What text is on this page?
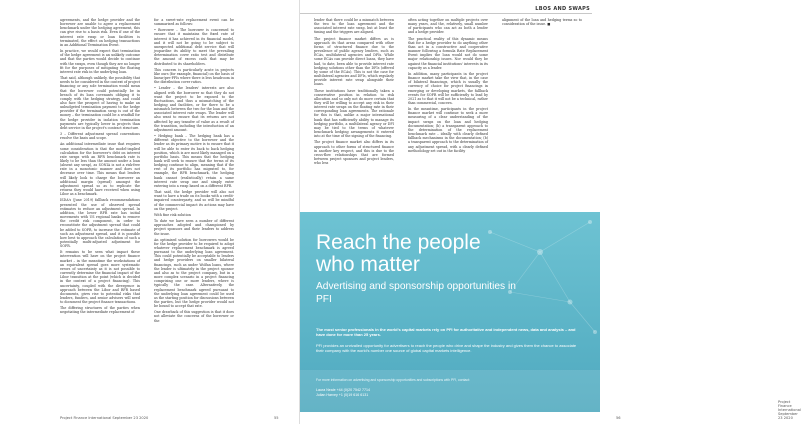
agreements, and the hedge provider and the borrower are unable to agree a replacement benchmark under the hedging agreement, this can give rise to a basis risk. Even if one of the interest rate swap or loan facilities is terminated, the effect on hedging transactions in an Additional Termination Event.

In practice, we would expect that termination of the hedge agreement is an unlikely outcome and that the parties would decide to continue with the swaps, even though they are no longer fit for the purposes of mitigating the floating interest rate risk in the underlying loan.

That said, although unlikely, the possibility that needs to be considered in the context of project financing or any sole termination would mean that the borrower could potentially be in breach of its loan covenants obliging it to comply with the hedging strategy, and could also face the prospect of having to make an unbudgeted termination payment to the hedge provider if the termination swap is out of the money – the termination could be a windfall for the hedge provider in isolation termination payments are typically lower in projects than debt service in the project's contract structure.

3 – Different adjustment spread conventions resolve the basis and scope.

An additional intermediate issue that requires some consideration is that the model-implied calculation for the borrower's debt on interest rate swaps with an RFR benchmark rate is likely to be less than the amount under a loan (absent any swap), as SONIA is not a risk-free rate in a monotonic manner and does not decrease over time. This means that lenders will likely look to charge the borrower an additional margin (spread) amongst the adjustment spread so as to replicate the returns they would have received when using Libor as a benchmark.

ISDA's (June 2019) fallback recommendations presented the use of observed spread estimates to reduce an adjustment spread. In addition, the lower RFR rate has initial movements with US regional banks to remove the credit risk component, in order to reconstitute the adjustment spread that could be added to SOFR, to increase the estimate of such an adjustment spread, and it is possible how best to approach the calculation of such a potentially multi-adjusted adjustment for SOFR.

It remains to be seen what impact these intervention will have on the project finance market – in the meantime the workstations of an equivalent spread goes more systematic errors of uncertainty as it is not possible to currently determine the financial impact of the Libor transition at the point (which is decided in the context of a project financing). This uncertainty, coupled with the divergence in approach between the Libor and RFR based documents, gives rise to potential risks that lenders, funders, and senior advisers will need to document the project finance transactions.

The differing structures of the parties when negotiating the intermediate replacement of

for a sweet-rate replacement event can be summarised as follows:

• Borrower – The borrower is concerned to ensure that it maintains the fixed rate of interest it has achieved in its financial model, and it will not be going to be subject to unexpected additional debt service that will jeopardise its ability to meet the prevailing determination cover ratio test and distribute the amount of excess cash that may be distributed to its shareholders.

This concern is particularly acute in projects like ours (for example, financial) on the basis of linear/pre-PFIs where there is less headroom in the distribution cover ratios.

• Lender – the lenders' interests are also aligned with the borrower so that they do not want the project to be exposed to the fluctuations, and thus a mismatching of the hedging and facilities, or for there to be a mismatch between the two for the loan and the associated interest rate swaps. The lender will also want to ensure that its returns are not affected by any transfer of value as a result of the transition, including the introduction of an adjustment amount.

• Hedging bank – The hedging bank has a different objective to the borrower and the lender as its primary motive is to ensure that it will be able to enter its back to back hedging position, which is are most likely managed on a portfolio basis. This means that the hedging bank will seek to ensure that the terms of its hedging continue to align, meaning that if the rest of its portfolio has migrated to, for example, the RFR benchmark, the hedging bank cannot (realistically) retain a same interest rate swap one and simply enter entering into a swap based on a different RFR.

That said, the hedge provider will also not want to have a trade on its books with a credit-impaired counterparty, and so will be mindful of the commercial impact its actions may have on the project.

With fine risk solution

To date we have seen a number of different approaches adopted and championed by project sponsors and their lenders to address the issue.

An optimised solution for borrowers would be for the hedge provider to be required to adopt whatever replacement benchmark is agreed pursuant to the underlying loan agreement. This could potentially be acceptable to lenders and hedge providers on smaller bilateral financings, such as under Wolfan loans, where the lender is ultimately in the project sponsor and also as to the project company, but in a more complex scenario in a project financing comprising one or more lenders, where is typically the case. Alternatively, the replacement benchmark agreed pursuant to the underlying loan agreement could be used as the starting position for discussions between the parties, but the hedge provider would not be bound to accept that rate.

One drawback of this suggestion is that it does not alleviate the concerns of the borrower or the

Project Finance International September 23 2020	55
LBOS AND SWAPS
56
Project Finance International September 23 2020

lender that there could be a mismatch between the two to the loan agreement and the associated interest rate swap, but at least the timing and the triggers are aligned.

The project finance market differs as is approach its that areas compared with other forms of structured finance due to the prevalence of public agency lenders, such as ECAs, multilateral agencies and DFIs. While some ECAs can provide direct loans, they have had, to date, been able to provide interest rate hedging solutions other than the DFIs (offered by some of the ECAs). This is not the case for multilateral agencies and DFIs, which regularly provide interest rate swap alongside their loans.

These institutions have traditionally taken a conservative position in relation to risk allocation and so only not do more certain that they will be willing to accept any risk in their interest rate swaps on the floating rate in their corresponding loan agreements. The rationale for this is that, unlike a major international bank that has sufficiently ability to manage its hedging portfolio, a multilateral agency or DFI may be tied to the terms of whatever benchmark hedging arrangements it entered into at the time of the signing of the financing.

The project finance market also differs in its approach to other forms of structured finance in another key respect, and this is due to the cross-flow relationships that are formed between project sponsors and project lenders, who less

often acting together on multiple projects over many years, and the, relatively, small number of participants who can act as both a lender and a hedge provider.

The practical reality of this dynamic means that for a hedge provider to do anything other than act in a constructive and cooperative manner following a formula Rate Replacement Event implies the loan would not do some major relationship issues. Nor would they be against the financial institutions' interests in its capacity as a lender.

In addition, many participants in the project finance market take the view that, in the case of bilateral financings, which is usually the currency of choice for project financings in emerging or developing markets, the fallback events for SOFR will be sufficiently to lead by 2021 as to that it will not be a technical, rather than commercial, concern.

In the meantime, participants in the project finance market will continue to seek a more measuring of a clear understanding of the impact swaps on the loan and hedging documentation; (b) a transparent approach to the determination of the replacement benchmark rate – ideally with clearly defined fallback mechanisms in the documentation; (b) a transparent approach to the determination of any adjustment spread, with a clearly defined methodology set out in the facility

alignment of the loan and hedging terms so to consideration of the issue. ■

Reach the people who matter
Advertising and sponsorship opportunities in PFI
The most senior professionals in the world's capital markets rely on PFI for authoritative and independent news, data and analysis – and have done for more than 25 years.
PFI provides an unrivalled opportunity for advertisers to reach the people who drive and shape the industry and gives them the chance to associate their company with the world's number one source of global capital markets intelligence.
For more information on advertising and sponsorship opportunities and subscriptions with PFI, contact:
Laura Neale +44 (0)20 7542 7714
Julian Harvey +1 (0)19 616 6131
